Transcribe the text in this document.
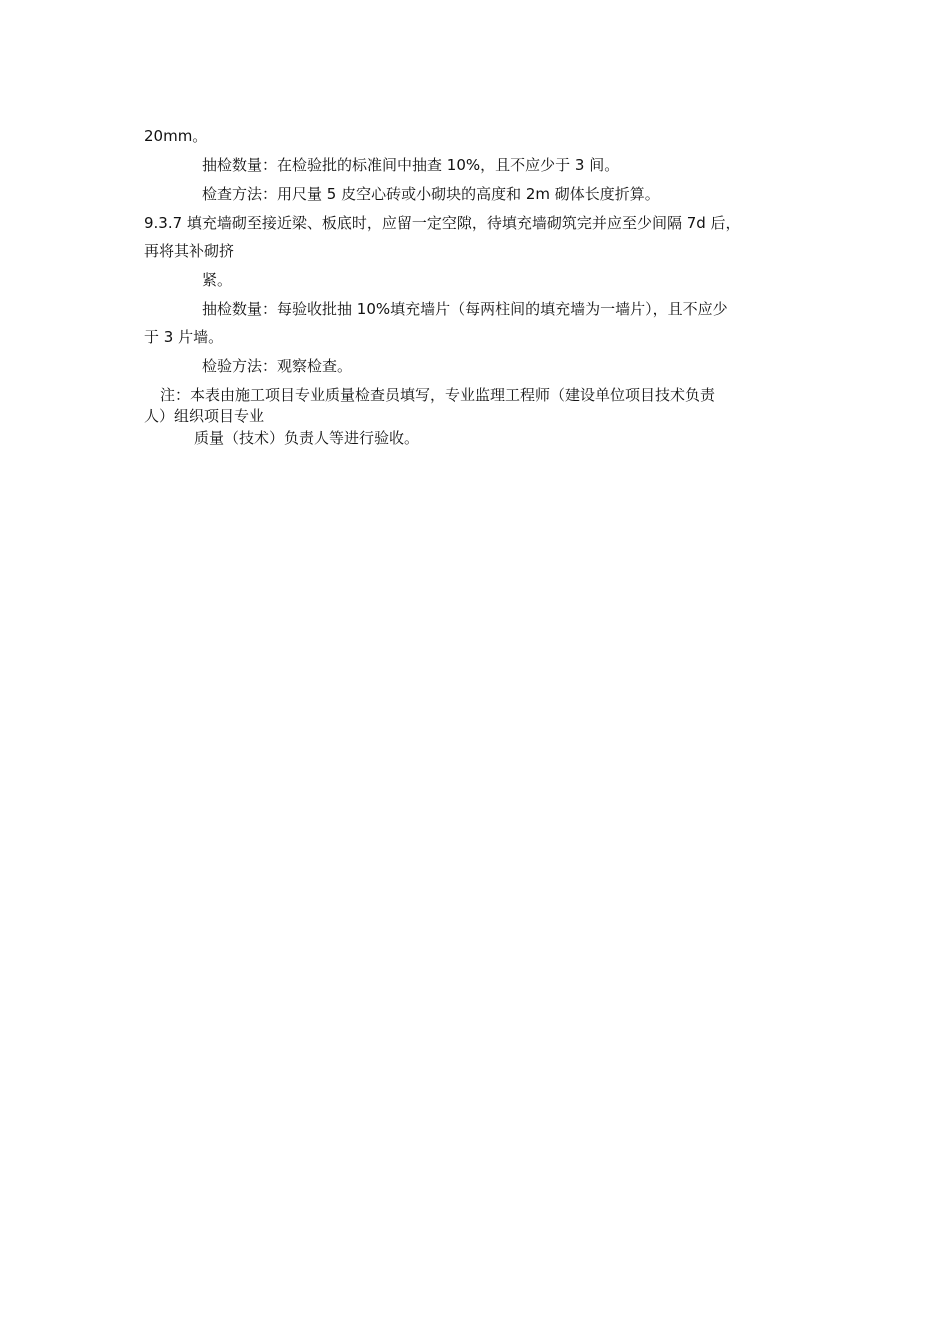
20mm。
抽检数量：在检验批的标准间中抽查 10%，且不应少于 3 间。
检查方法：用尺量 5 皮空心砖或小砌块的高度和 2m 砌体长度折算。
9.3.7 填充墙砌至接近梁、板底时，应留一定空隙，待填充墙砌筑完并应至少间隔 7d 后，
再将其补砌挤
紧。
抽检数量：每验收批抽 10%填充墙片（每两柱间的填充墙为一墙片），且不应少
于 3 片墙。
检验方法：观察检查。
注：本表由施工项目专业质量检查员填写，专业监理工程师（建设单位项目技术负责
人）组织项目专业
质量（技术）负责人等进行验收。
